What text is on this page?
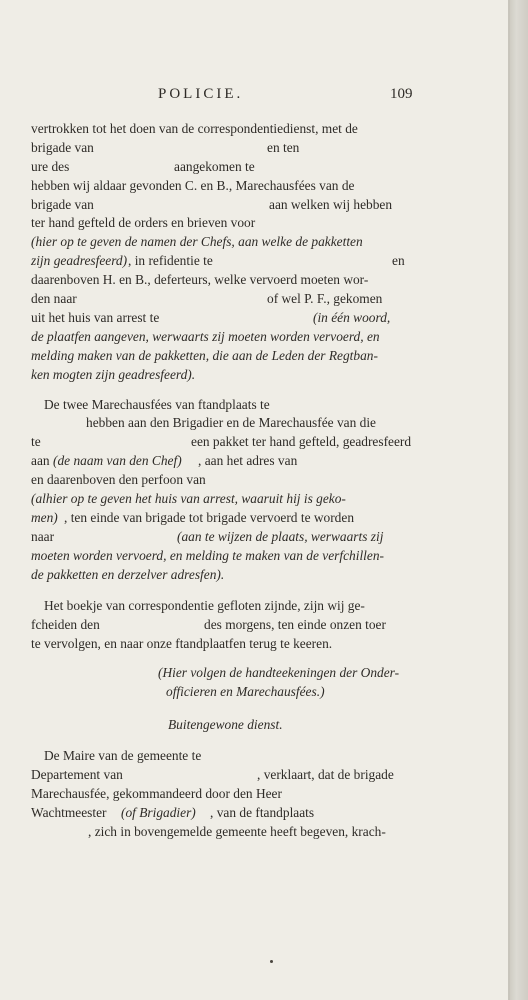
POLICIE.	109
vertrokken tot het doen van de correspondentiedienst, met de
brigade van	en ten
ure des	aangekomen te
hebben wij aldaar gevonden C. en B., Marechausfées van de
brigade van	aan welken wij hebben
ter hand gefteld de orders en brieven voor
(hier op te geven de namen der Chefs, aan welke de pakketten
zijn geadresfeerd) , in refidentie te	en
daarenboven H. en B., deferteurs, welke vervoerd moeten wor-
den naar	of wel P. F., gekomen
uit het huis van arrest te	(in één woord,
de plaatfen aangeven, werwaarts zij moeten worden vervoerd, en
melding maken van de pakketten, die aan de Leden der Regtban-
ken mogten zijn geadresfeerd).
De twee Marechausfées van ftandplaats te
hebben aan den Brigadier en de Marechausfée van die
te	een pakket ter hand gefteld, geadresfeerd
aan (de naam van den Chef) , aan het adres van
en daarenboven den perfoon van
(alhier op te geven het huis van arrest, waaruit hij is geko-
men) , ten einde van brigade tot brigade vervoerd te worden
naar	(aan te wijzen de plaats, werwaarts zij
moeten worden vervoerd, en melding te maken van de verfchillen-
de pakketten en derzelver adresfen).
Het boekje van correspondentie gefloten zijnde, zijn wij ge-
fcheiden den	des morgens, ten einde onzen toer
te vervolgen, en naar onze ftandplaatfen terug te keeren.
(Hier volgen de handteekeningen der Onder-
officieren en Marechausfées.)
Buitengewone dienst.
De Maire van de gemeente te
Departement van	, verklaart, dat de brigade
Marechausfée, gekommandeerd door den Heer
Wachtmeester (of Brigadier) , van de ftandplaats
, zich in bovengemelde gemeente heeft begeven, krach-
